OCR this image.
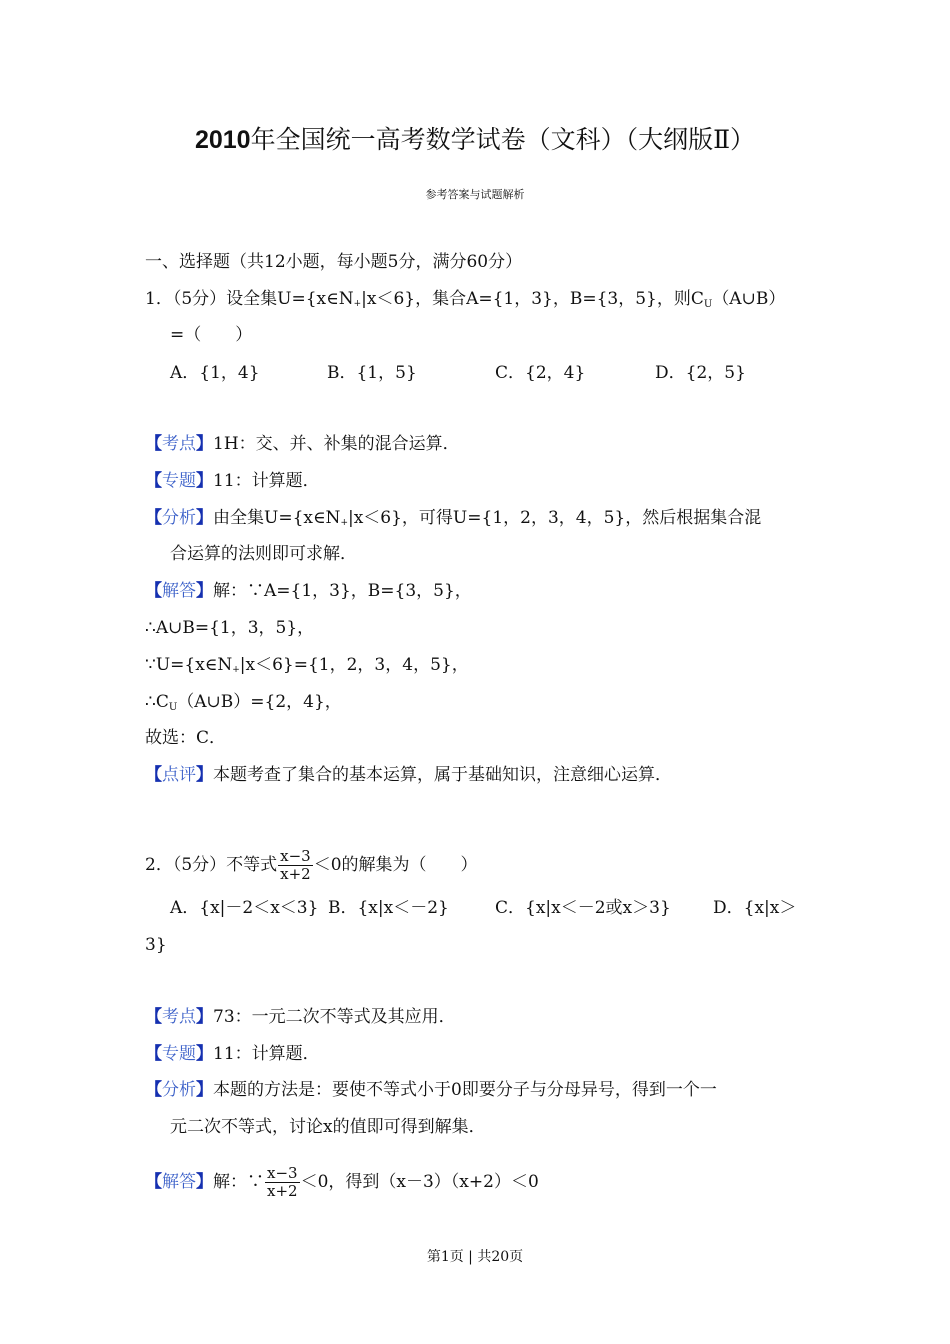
2010年全国统一高考数学试卷（文科）（大纲版Ⅱ）
参考答案与试题解析
一、选择题（共12小题，每小题5分，满分60分）
1．（5分）设全集U={x∈N+|x＜6}，集合A={1，3}，B={3，5}，则$C_U(A\cup B)$
=（　　）
A．{1，4}	B．{1，5}	C．{2，4}	D．{2，5}
【考点】1H：交、并、补集的混合运算．
【专题】11：计算题．
【分析】由全集U={x∈N+|x＜6}，可得U={1，2，3，4，5}，然后根据集合混
合运算的法则即可求解．
【解答】解：∵A={1，3}，B={3，5}，
∴A∪B={1，3，5}，
∵U={x∈N+|x＜6}={1，2，3，4，5}，
$\therefore C_U(A\cup B)=\{2$，4}，
故选：C．
【点评】本题考查了集合的基本运算，属于基础知识，注意细心运算．
2．（5分）不等式 $\frac{x-3}{x+2} <0$的解集为（　　）
A．{x|－2＜x＜3} B．{x|x＜－2}	C．{x|x＜－2或x＞3} D．{x|x＞
3}
【考点】73：一元二次不等式及其应用．
【专题】11：计算题．
【分析】本题的方法是：要使不等式小于0即要分子与分母异号，得到一个一
元二次不等式，讨论x的值即可得到解集．
【解答】解：∵ $\frac{x-3}{x+2} <0$，得到（x－3）（x+2）＜0
第1页 | 共20页
